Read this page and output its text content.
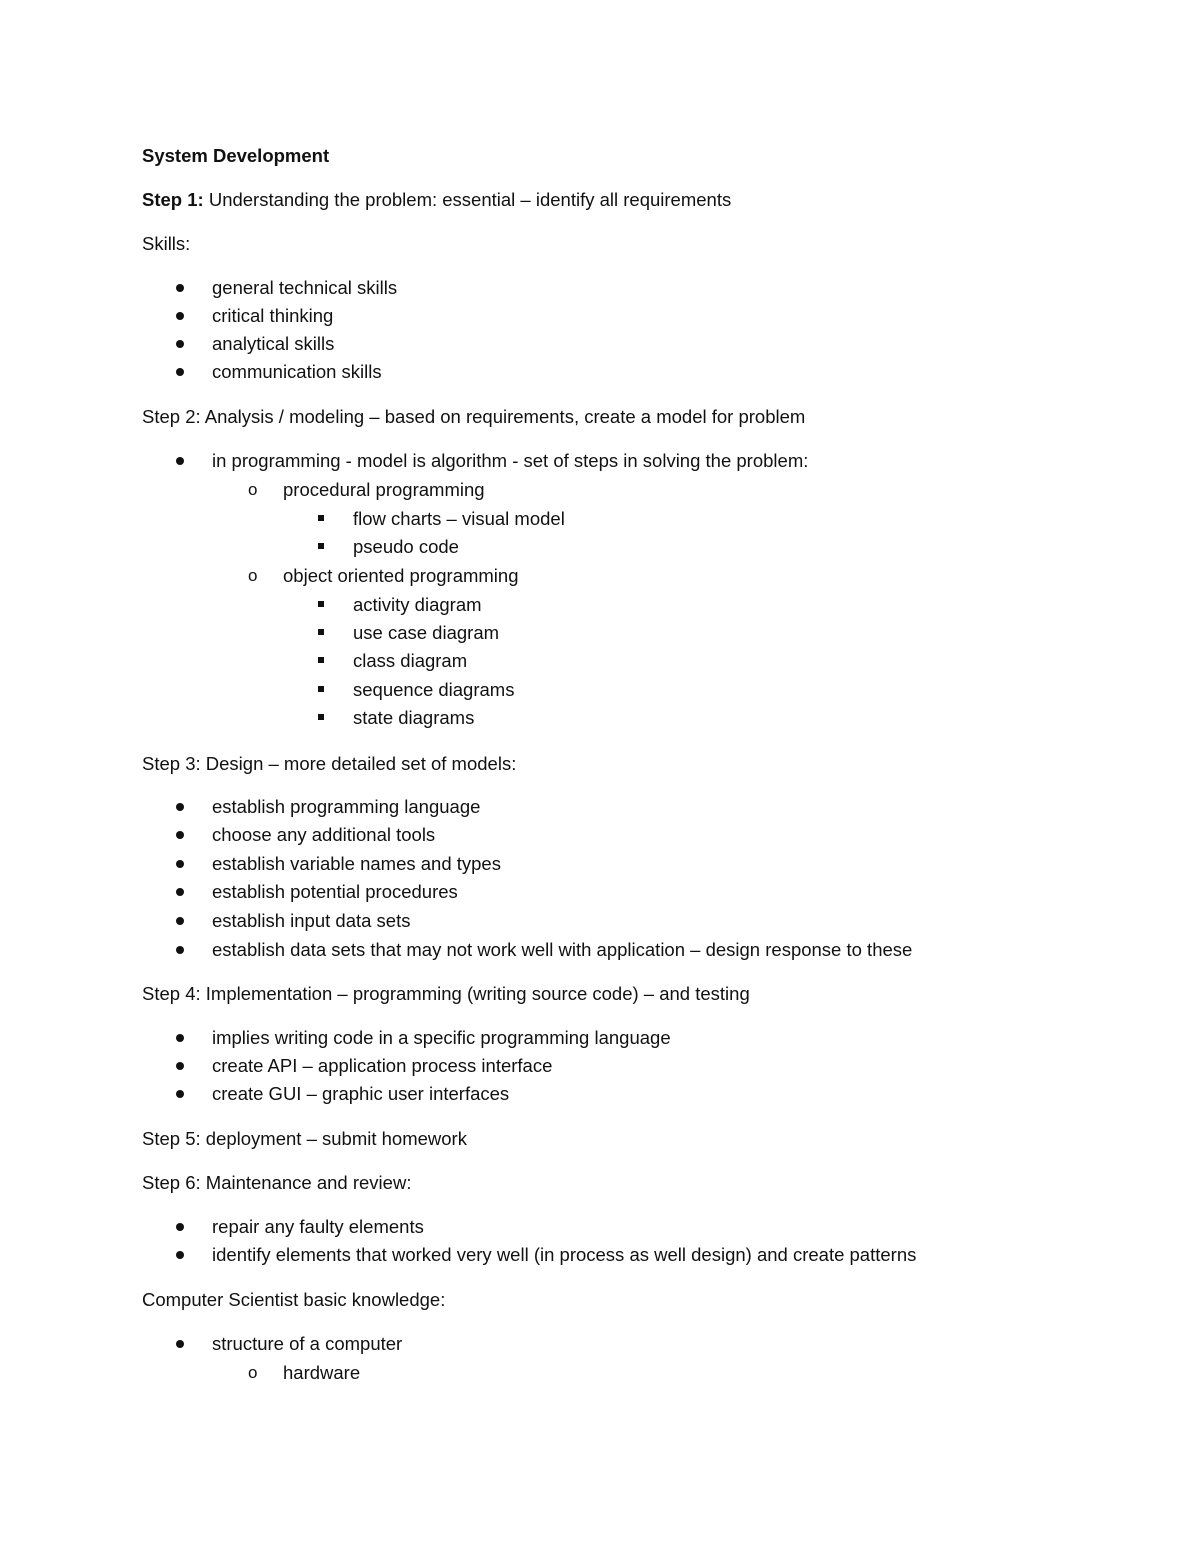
System Development
Step 1: Understanding the problem: essential – identify all requirements
Skills:
general technical skills
critical thinking
analytical skills
communication skills
Step 2: Analysis / modeling – based on requirements, create a model for problem
in programming - model is algorithm - set of steps in solving the problem:
o procedural programming
flow charts – visual model
pseudo code
o object oriented programming
activity diagram
use case diagram
class diagram
sequence diagrams
state diagrams
Step 3: Design – more detailed set of models:
establish programming language
choose any additional tools
establish variable names and types
establish potential procedures
establish input data sets
establish data sets that may not work well with application – design response to these
Step 4: Implementation – programming (writing source code) – and testing
implies writing code in a specific programming language
create API – application process interface
create GUI – graphic user interfaces
Step 5: deployment – submit homework
Step 6: Maintenance and review:
repair any faulty elements
identify elements that worked very well (in process as well design) and create patterns
Computer Scientist basic knowledge:
structure of a computer
o hardware
